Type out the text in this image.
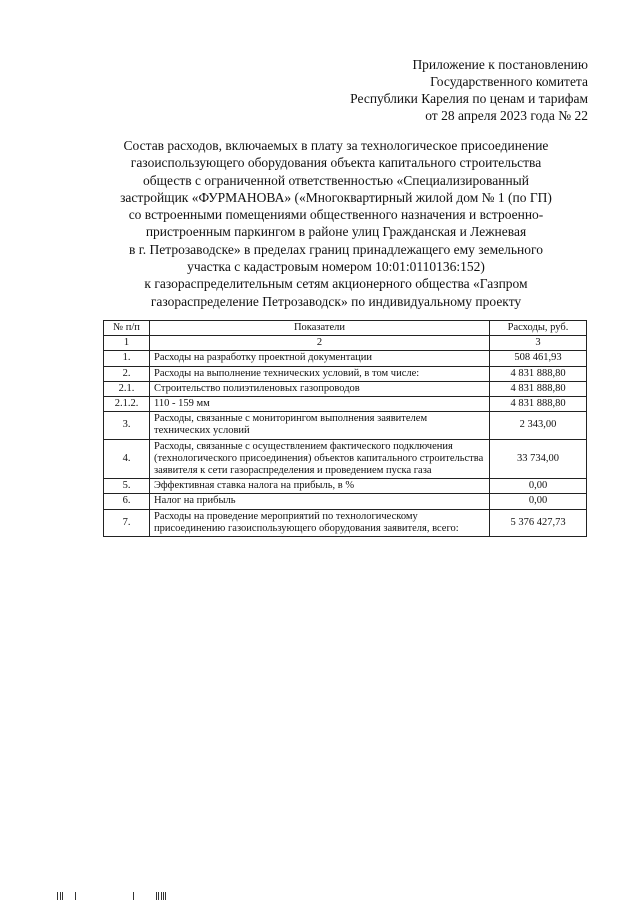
Приложение к постановлению
Государственного комитета
Республики Карелия по ценам и тарифам
от 28 апреля 2023 года № 22
Состав расходов, включаемых в плату за технологическое присоединение
газоиспользующего оборудования объекта капитального строительства
обществ с ограниченной ответственностью «Специализированный
застройщик «ФУРМАНОВА» («Многоквартирный жилой дом № 1 (по ГП)
со встроенными помещениями общественного назначения и встроенно-
пристроенным паркингом в районе улиц Гражданская и Лежневая
в г. Петрозаводске» в пределах границ принадлежащего ему земельного
участка с кадастровым номером 10:01:0110136:152)
к газораспределительным сетям акционерного общества «Газпром
газораспределение Петрозаводск» по индивидуальному проекту
№ п/п	Показатели	Расходы, руб.
1	2	3
1.	Расходы на разработку проектной документации	508 461,93
2.	Расходы на выполнение технических условий, в том числе:	4 831 888,80
2.1.	Строительство полиэтиленовых газопроводов	4 831 888,80
2.1.2.	110 - 159 мм	4 831 888,80
3.	Расходы, связанные с мониторингом выполнения заявителем технических условий	2 343,00
4.	Расходы, связанные с осуществлением фактического подключения (технологического присоединения) объектов капитального строительства заявителя к сети газораспределения и проведением пуска газа	33 734,00
5.	Эффективная ставка налога на прибыль, в %	0,00
6.	Налог на прибыль	0,00
7.	Расходы на проведение мероприятий по технологическому присоединению газоиспользующего оборудования заявителя, всего:	5 376 427,73
